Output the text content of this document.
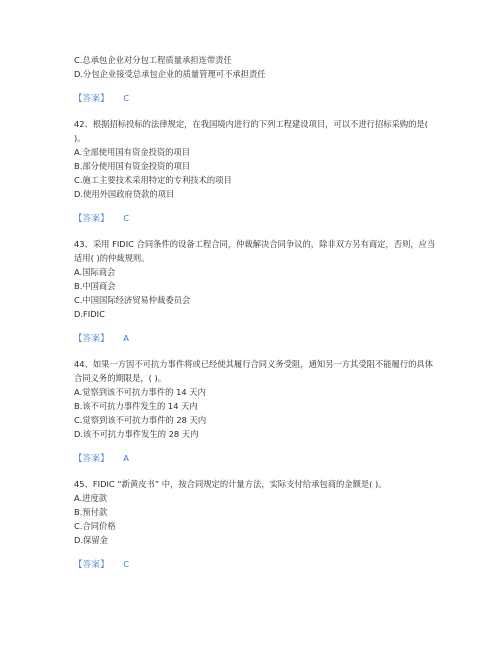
C.总承包企业对分包工程质量承担连带责任
D.分包企业接受总承包企业的质量管理可不承担责任
【答案】 C
42、根据招标投标的法律规定，在我国境内进行的下列工程建设项目，可以不进行招标采购的是( )。
A.全部使用国有资金投资的项目
B.部分使用国有资金投资的项目
C.施工主要技术采用特定的专利技术的项目
D.使用外国政府贷款的项目
【答案】 C
43、采用 FIDIC 合同条件的设备工程合同，仲裁解决合同争议的，除非双方另有商定，否则，应当适用( )的仲裁规则。
A.国际商会
B.中国商会
C.中国国际经济贸易仲裁委员会
D.FIDIC
【答案】 A
44、如果一方因不可抗力事件将或已经使其履行合同义务受阻，通知另一方其受阻不能履行的具体合同义务的期限是，( )。
A.觉察到该不可抗力事件的 14 天内
B.该不可抗力事件发生的 14 天内
C.觉察到该不可抗力事件的 28 天内
D.该不可抗力事件发生的 28 天内
【答案】 A
45、FIDIC “新黄皮书” 中，按合同规定的计量方法，实际支付给承包商的金额是( )。
A.进度款
B.预付款
C.合同价格
D.保留金
【答案】 C
